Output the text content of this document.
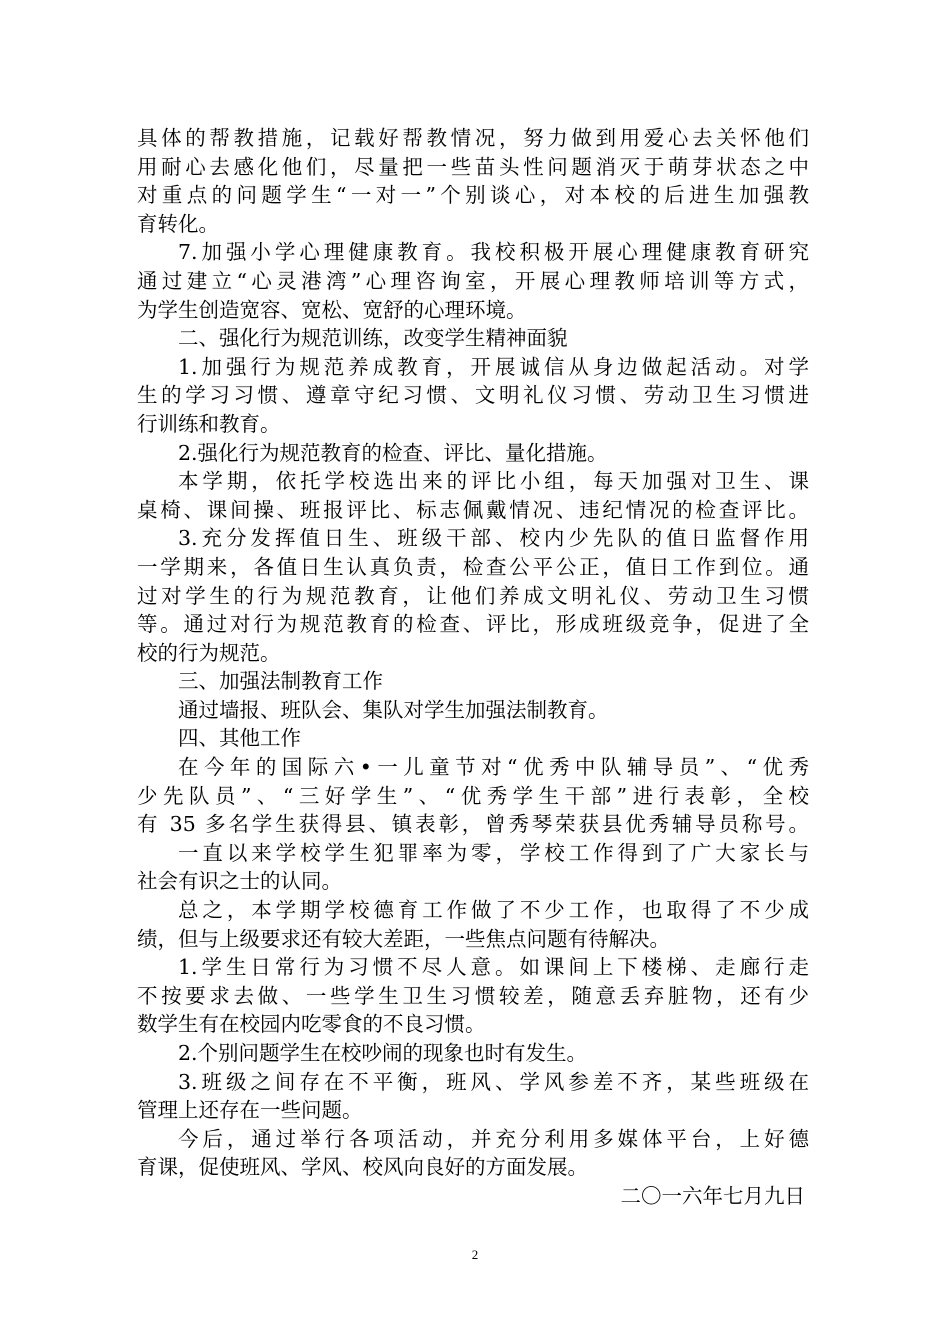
具体的帮教措施，记载好帮教情况，努力做到用爱心去关怀他们
用耐心去感化他们，尽量把一些苗头性问题消灭于萌芽状态之中
对重点的问题学生“一对一”个别谈心，对本校的后进生加强教
育转化。
7.加强小学心理健康教育。我校积极开展心理健康教育研究
通过建立“心灵港湾”心理咨询室，开展心理教师培训等方式，
为学生创造宽容、宽松、宽舒的心理环境。
二、强化行为规范训练，改变学生精神面貌
1.加强行为规范养成教育，开展诚信从身边做起活动。对学
生的学习习惯、遵章守纪习惯、文明礼仪习惯、劳动卫生习惯进
行训练和教育。
2.强化行为规范教育的检查、评比、量化措施。
本学期，依托学校选出来的评比小组，每天加强对卫生、课
桌椅、课间操、班报评比、标志佩戴情况、违纪情况的检查评比。
3.充分发挥值日生、班级干部、校内少先队的值日监督作用
一学期来，各值日生认真负责，检查公平公正，值日工作到位。通
过对学生的行为规范教育，让他们养成文明礼仪、劳动卫生习惯
等。通过对行为规范教育的检查、评比，形成班级竞争，促进了全
校的行为规范。
三、加强法制教育工作
通过墙报、班队会、集队对学生加强法制教育。
四、其他工作
在今年的国际六•一儿童节对“优秀中队辅导员”、“优秀
少先队员”、“三好学生”、“优秀学生干部”进行表彰，全校
有 35 多名学生获得县、镇表彰，曾秀琴荣获县优秀辅导员称号。
一直以来学校学生犯罪率为零，学校工作得到了广大家长与
社会有识之士的认同。
总之，本学期学校德育工作做了不少工作，也取得了不少成
绩，但与上级要求还有较大差距，一些焦点问题有待解决。
1.学生日常行为习惯不尽人意。如课间上下楼梯、走廊行走
不按要求去做、一些学生卫生习惯较差，随意丢弃脏物，还有少
数学生有在校园内吃零食的不良习惯。
2.个别问题学生在校吵闹的现象也时有发生。
3.班级之间存在不平衡，班风、学风参差不齐，某些班级在
管理上还存在一些问题。
今后，通过举行各项活动，并充分利用多媒体平台，上好德
育课，促使班风、学风、校风向良好的方面发展。
二〇一六年七月九日
2
